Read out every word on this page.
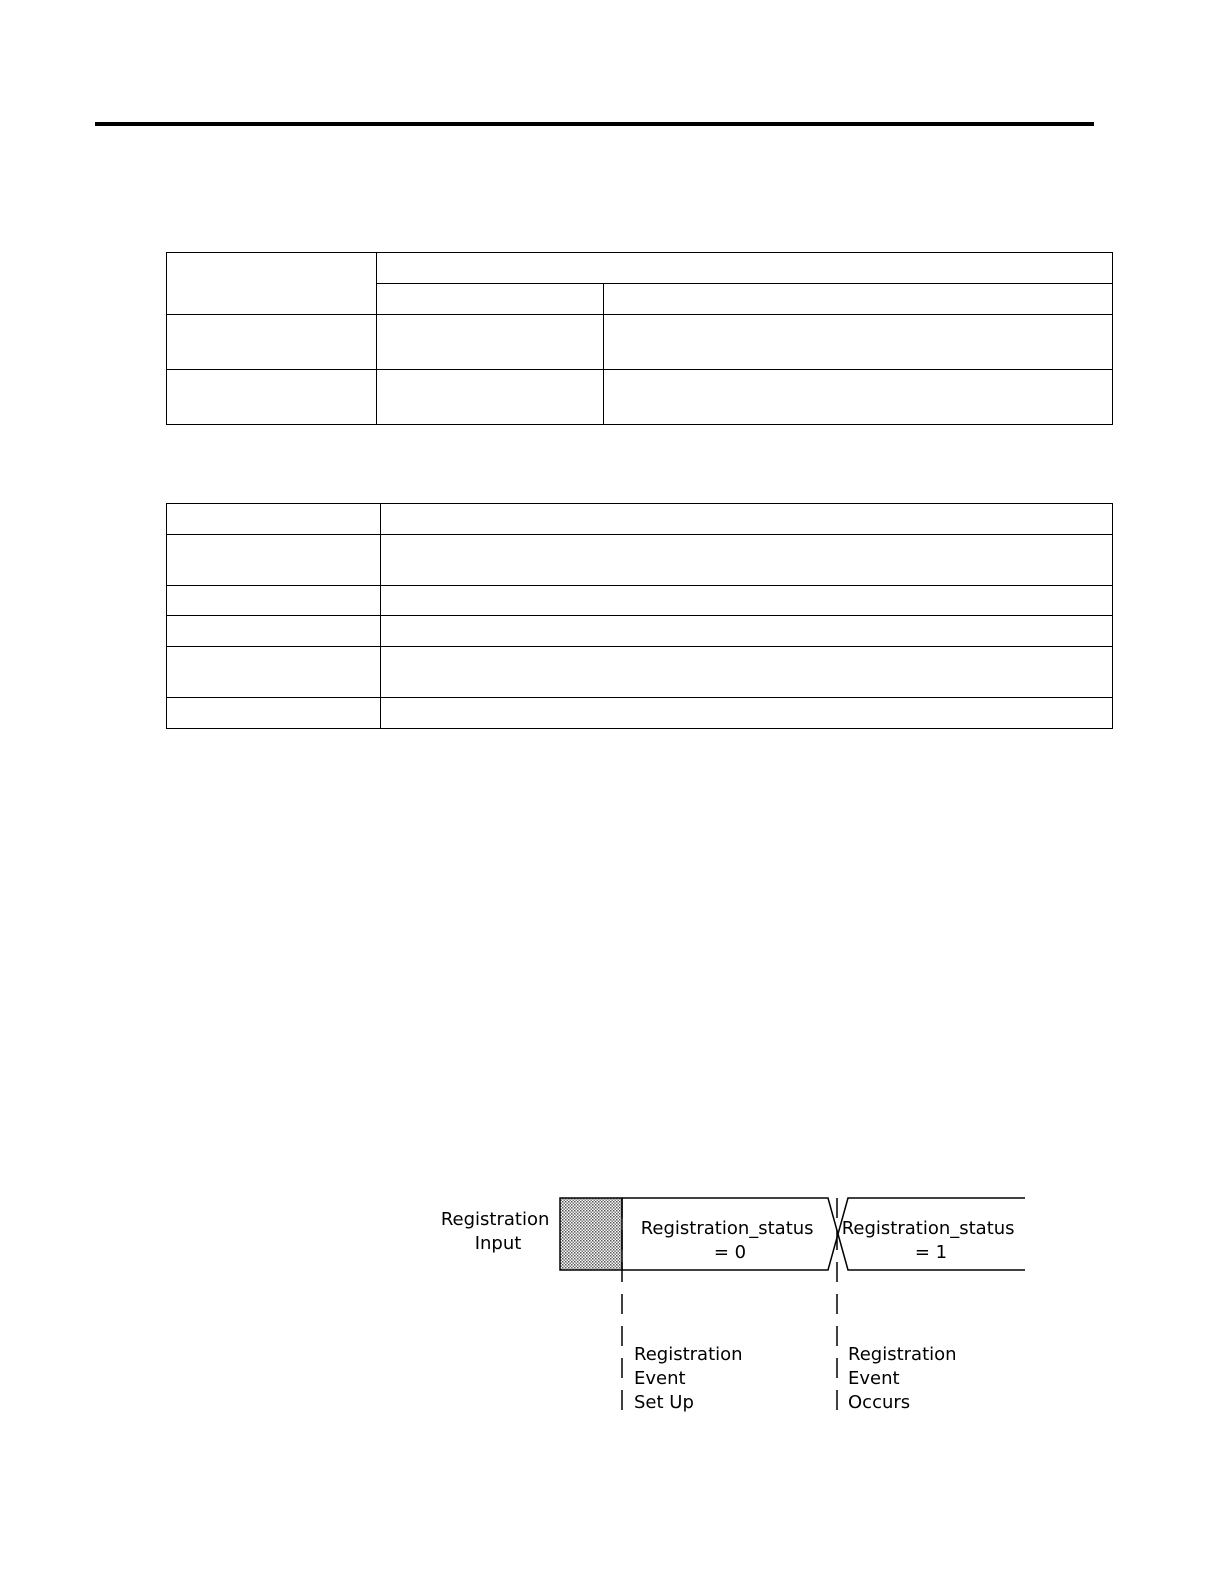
Registration Input
Registration_status = 0
Registration_status = 1
Registration Event Set Up
Registration Event Occurs
